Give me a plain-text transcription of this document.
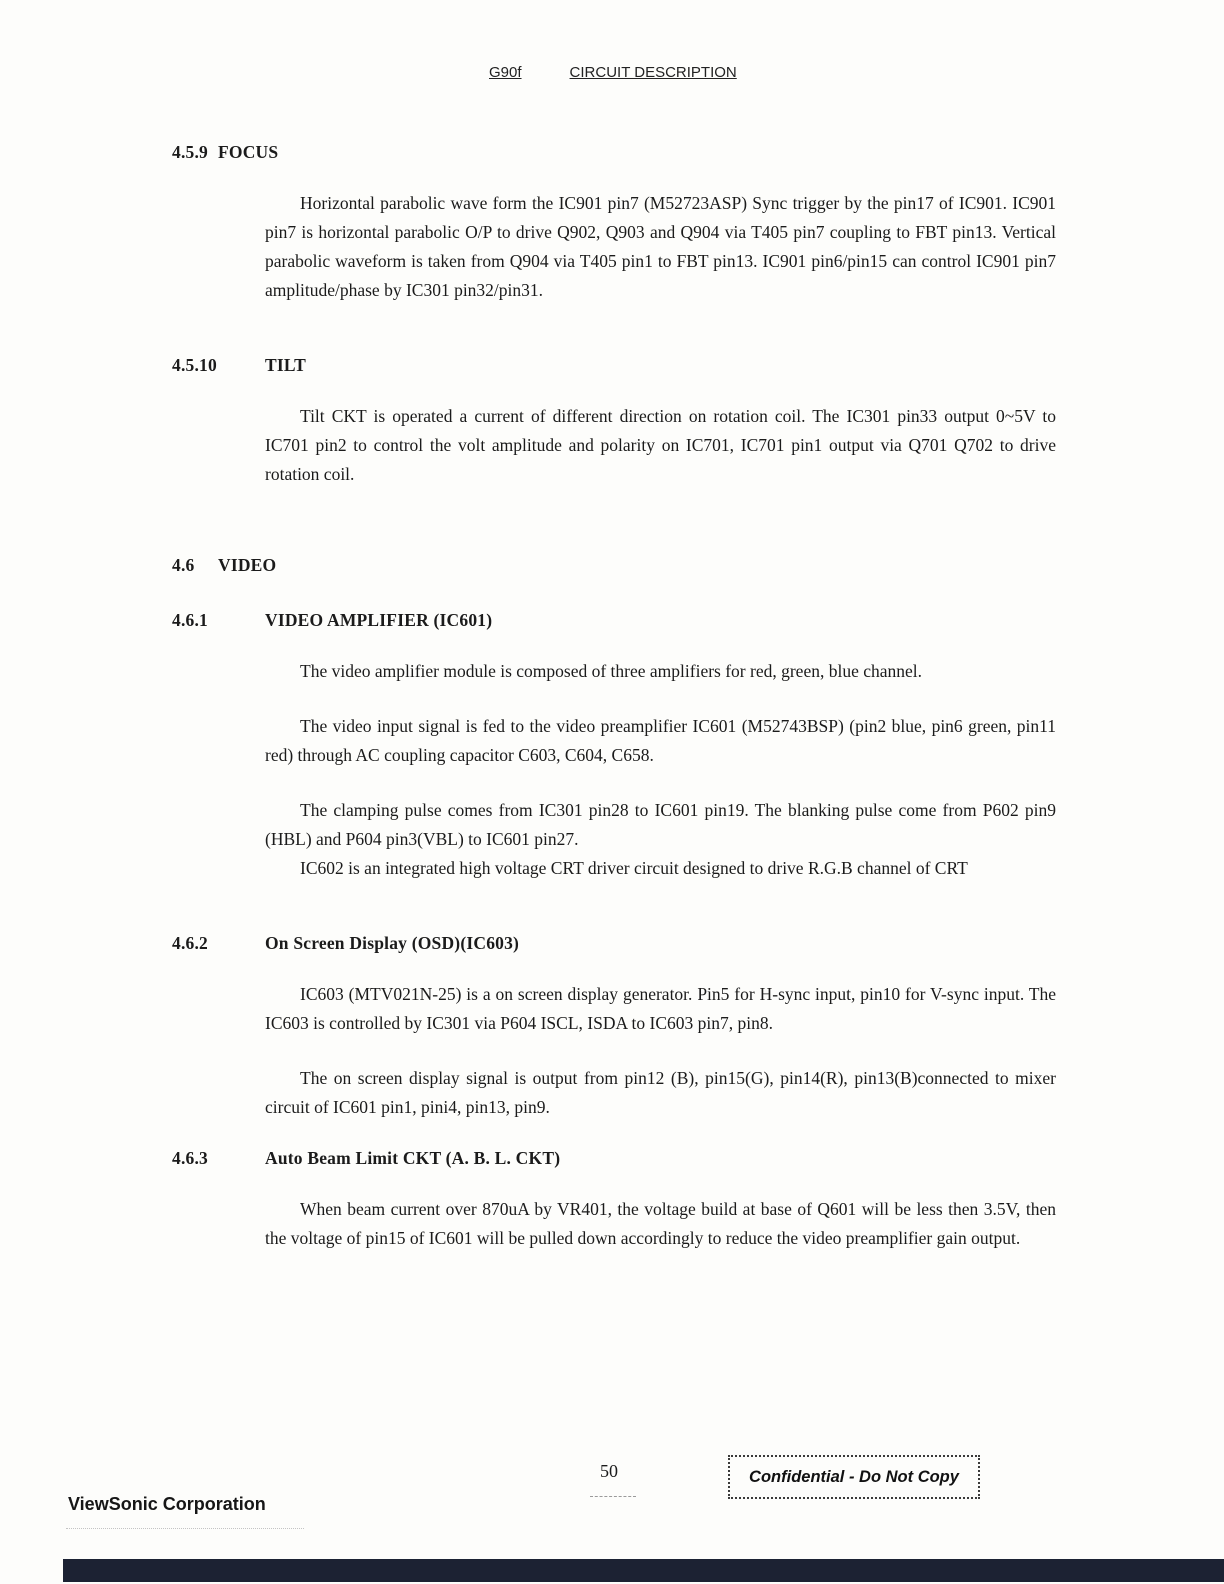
G90f	CIRCUIT DESCRIPTION
4.5.9 FOCUS

Horizontal parabolic wave form the IC901 pin7 (M52723ASP) Sync trigger by the pin17 of IC901. IC901 pin7 is horizontal parabolic O/P to drive Q902, Q903 and Q904 via T405 pin7 coupling to FBT pin13. Vertical parabolic waveform is taken from Q904 via T405 pin1 to FBT pin13. IC901 pin6/pin15 can control IC901 pin7 amplitude/phase by IC301 pin32/pin31.

4.5.10	TILT

Tilt CKT is operated a current of different direction on rotation coil. The IC301 pin33 output 0~5V to IC701 pin2 to control the volt amplitude and polarity on IC701, IC701 pin1 output via Q701 Q702 to drive rotation coil.

4.6	VIDEO
4.6.1	VIDEO AMPLIFIER (IC601)

The video amplifier module is composed of three amplifiers for red, green, blue channel.

The video input signal is fed to the video preamplifier IC601 (M52743BSP) (pin2 blue, pin6 green, pin11 red) through AC coupling capacitor C603, C604, C658.

The clamping pulse comes from IC301 pin28 to IC601 pin19. The blanking pulse come from P602 pin9 (HBL) and P604 pin3(VBL) to IC601 pin27.

IC602 is an integrated high voltage CRT driver circuit designed to drive R.G.B channel of CRT

4.6.2	On Screen Display (OSD)(IC603)

IC603 (MTV021N-25) is a on screen display generator. Pin5 for H-sync input, pin10 for V-sync input. The IC603 is controlled by IC301 via P604 ISCL, ISDA to IC603 pin7, pin8.

The on screen display signal is output from pin12 (B), pin15(G), pin14(R), pin13(B)connected to mixer circuit of IC601 pin1, pini4, pin13, pin9.

4.6.3	Auto Beam Limit CKT (A. B. L. CKT)

When beam current over 870uA by VR401, the voltage build at base of Q601 will be less then 3.5V, then the voltage of pin15 of IC601 will be pulled down accordingly to reduce the video preamplifier gain output.

50	Confidential - Do Not Copy
ViewSonic Corporation
